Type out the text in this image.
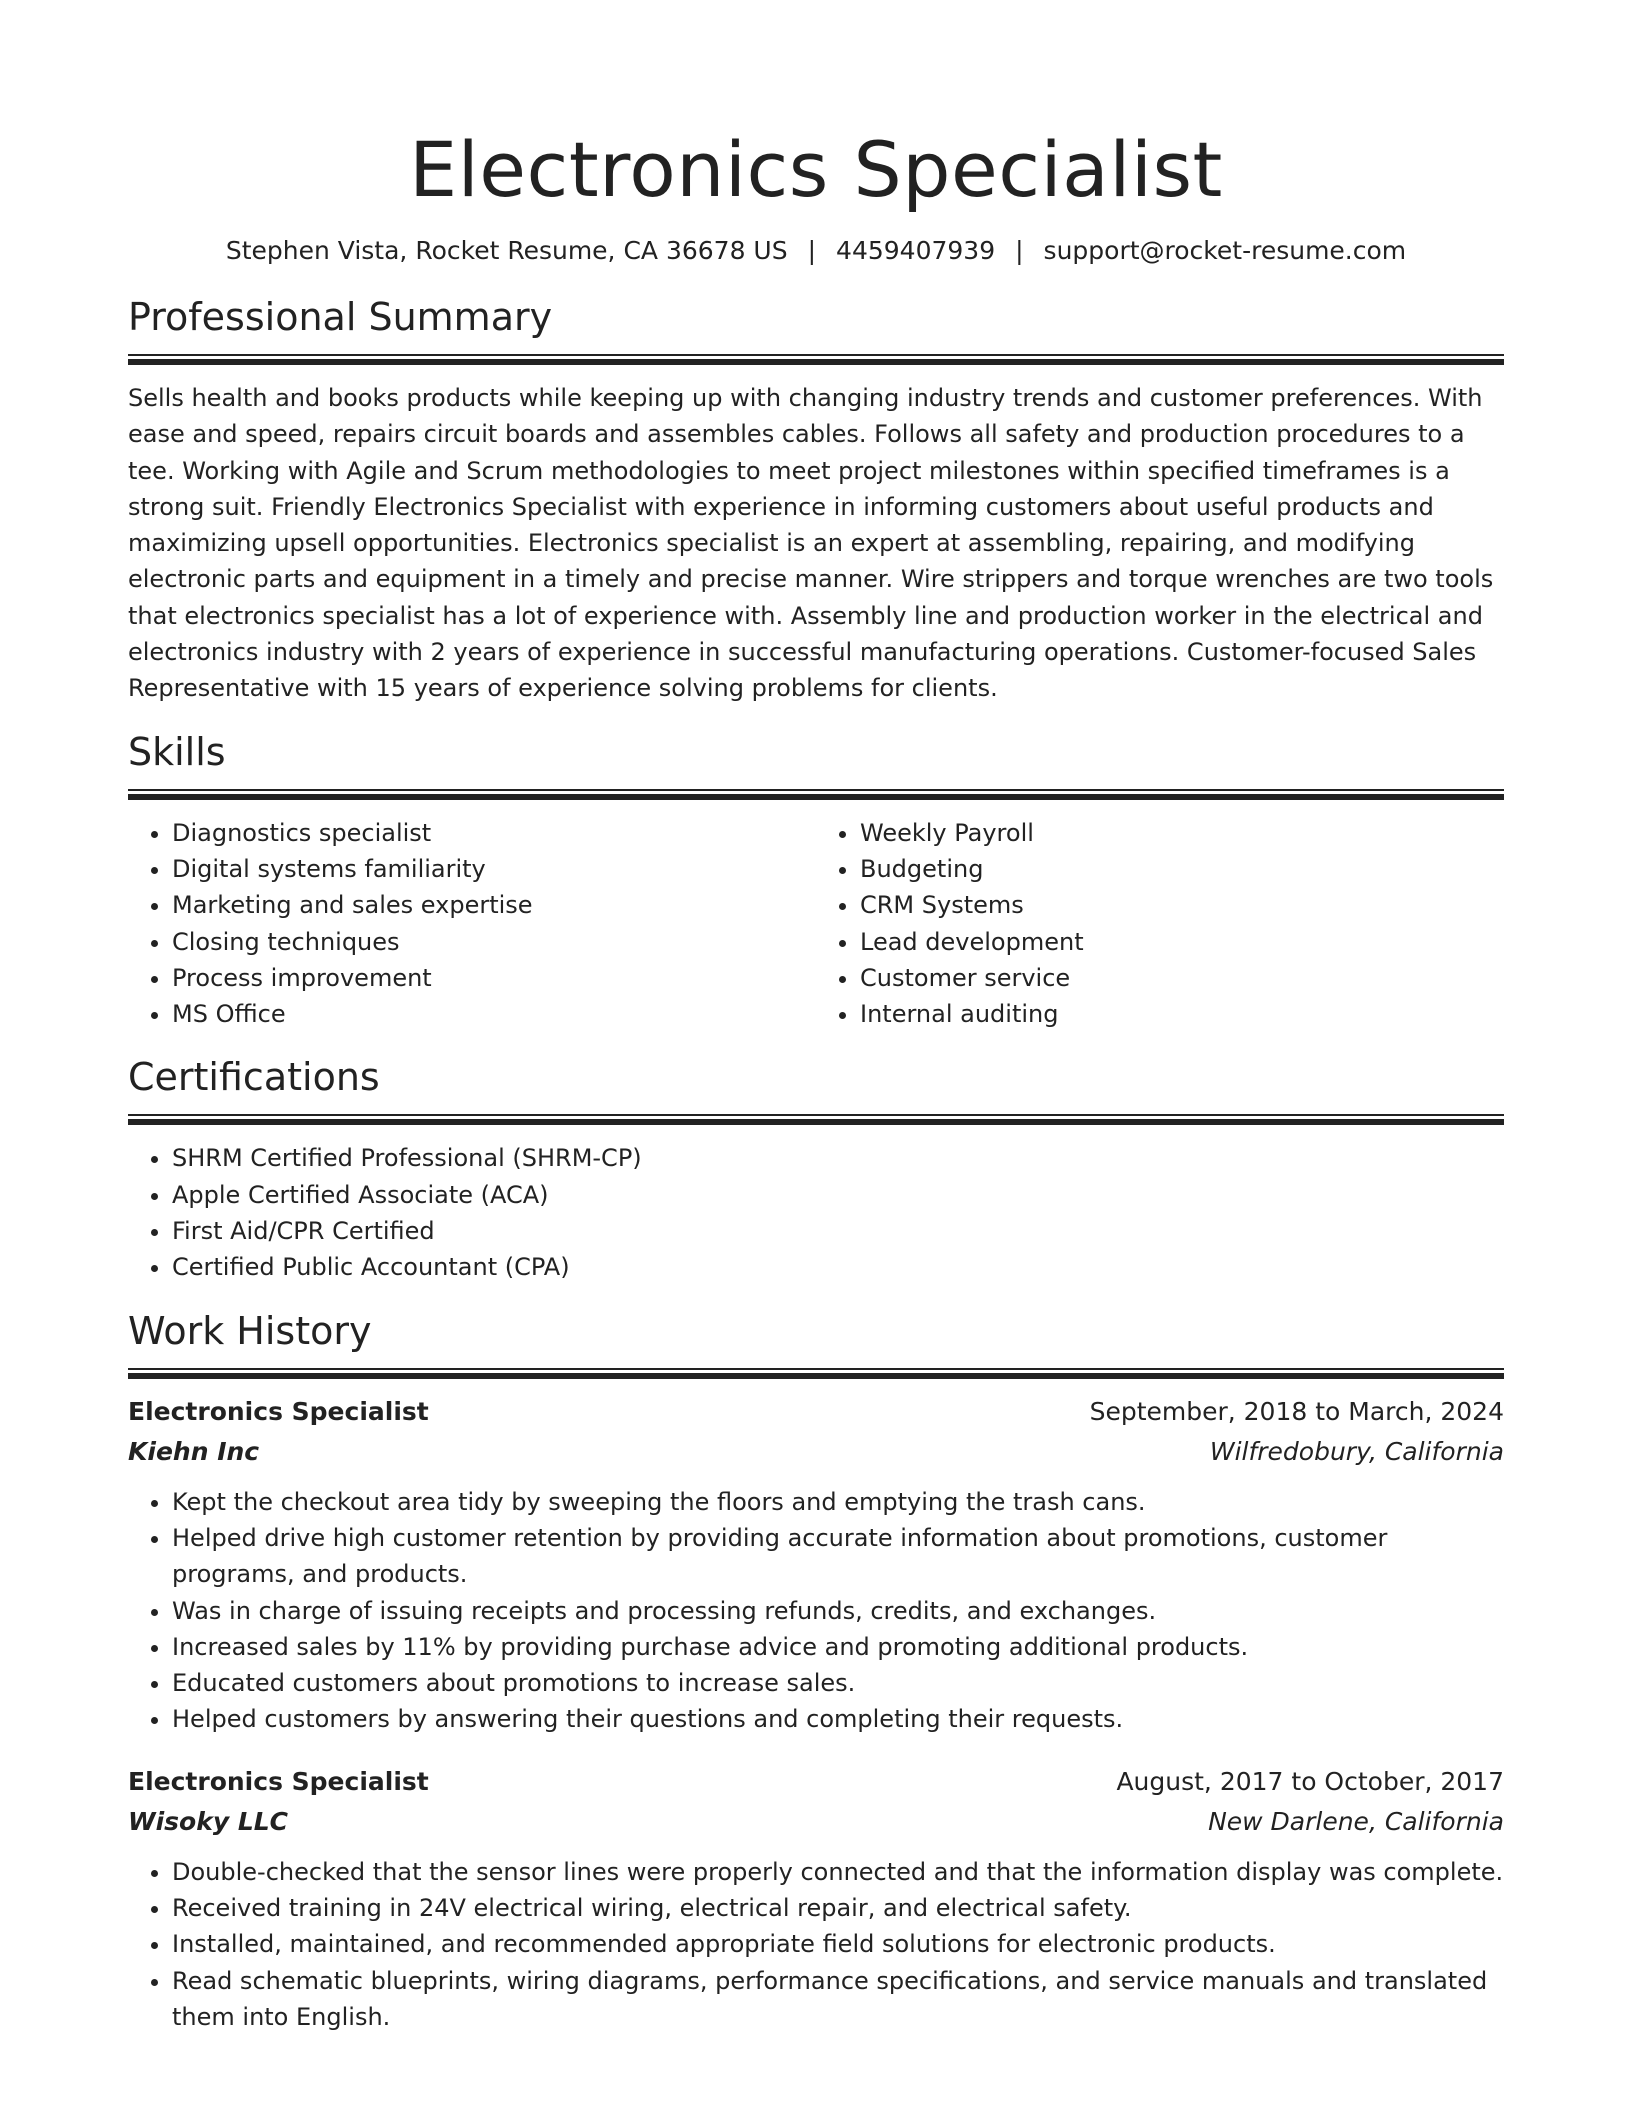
Electronics Specialist
Stephen Vista, Rocket Resume, CA 36678 US | 4459407939 | support@rocket-resume.com
Professional Summary
Sells health and books products while keeping up with changing industry trends and customer preferences. With ease and speed, repairs circuit boards and assembles cables. Follows all safety and production procedures to a tee. Working with Agile and Scrum methodologies to meet project milestones within specified timeframes is a strong suit. Friendly Electronics Specialist with experience in informing customers about useful products and maximizing upsell opportunities. Electronics specialist is an expert at assembling, repairing, and modifying electronic parts and equipment in a timely and precise manner. Wire strippers and torque wrenches are two tools that electronics specialist has a lot of experience with. Assembly line and production worker in the electrical and electronics industry with 2 years of experience in successful manufacturing operations. Customer-focused Sales Representative with 15 years of experience solving problems for clients.
Skills
• Diagnostics specialist
• Digital systems familiarity
• Marketing and sales expertise
• Closing techniques
• Process improvement
• MS Office
• Weekly Payroll
• Budgeting
• CRM Systems
• Lead development
• Customer service
• Internal auditing
Certifications
• SHRM Certified Professional (SHRM-CP)
• Apple Certified Associate (ACA)
• First Aid/CPR Certified
• Certified Public Accountant (CPA)
Work History
Electronics Specialist	September, 2018 to March, 2024
Kiehn Inc	Wilfredobury, California
• Kept the checkout area tidy by sweeping the floors and emptying the trash cans.
• Helped drive high customer retention by providing accurate information about promotions, customer programs, and products.
• Was in charge of issuing receipts and processing refunds, credits, and exchanges.
• Increased sales by 11% by providing purchase advice and promoting additional products.
• Educated customers about promotions to increase sales.
• Helped customers by answering their questions and completing their requests.
Electronics Specialist	August, 2017 to October, 2017
Wisoky LLC	New Darlene, California
• Double-checked that the sensor lines were properly connected and that the information display was complete.
• Received training in 24V electrical wiring, electrical repair, and electrical safety.
• Installed, maintained, and recommended appropriate field solutions for electronic products.
• Read schematic blueprints, wiring diagrams, performance specifications, and service manuals and translated them into English.
